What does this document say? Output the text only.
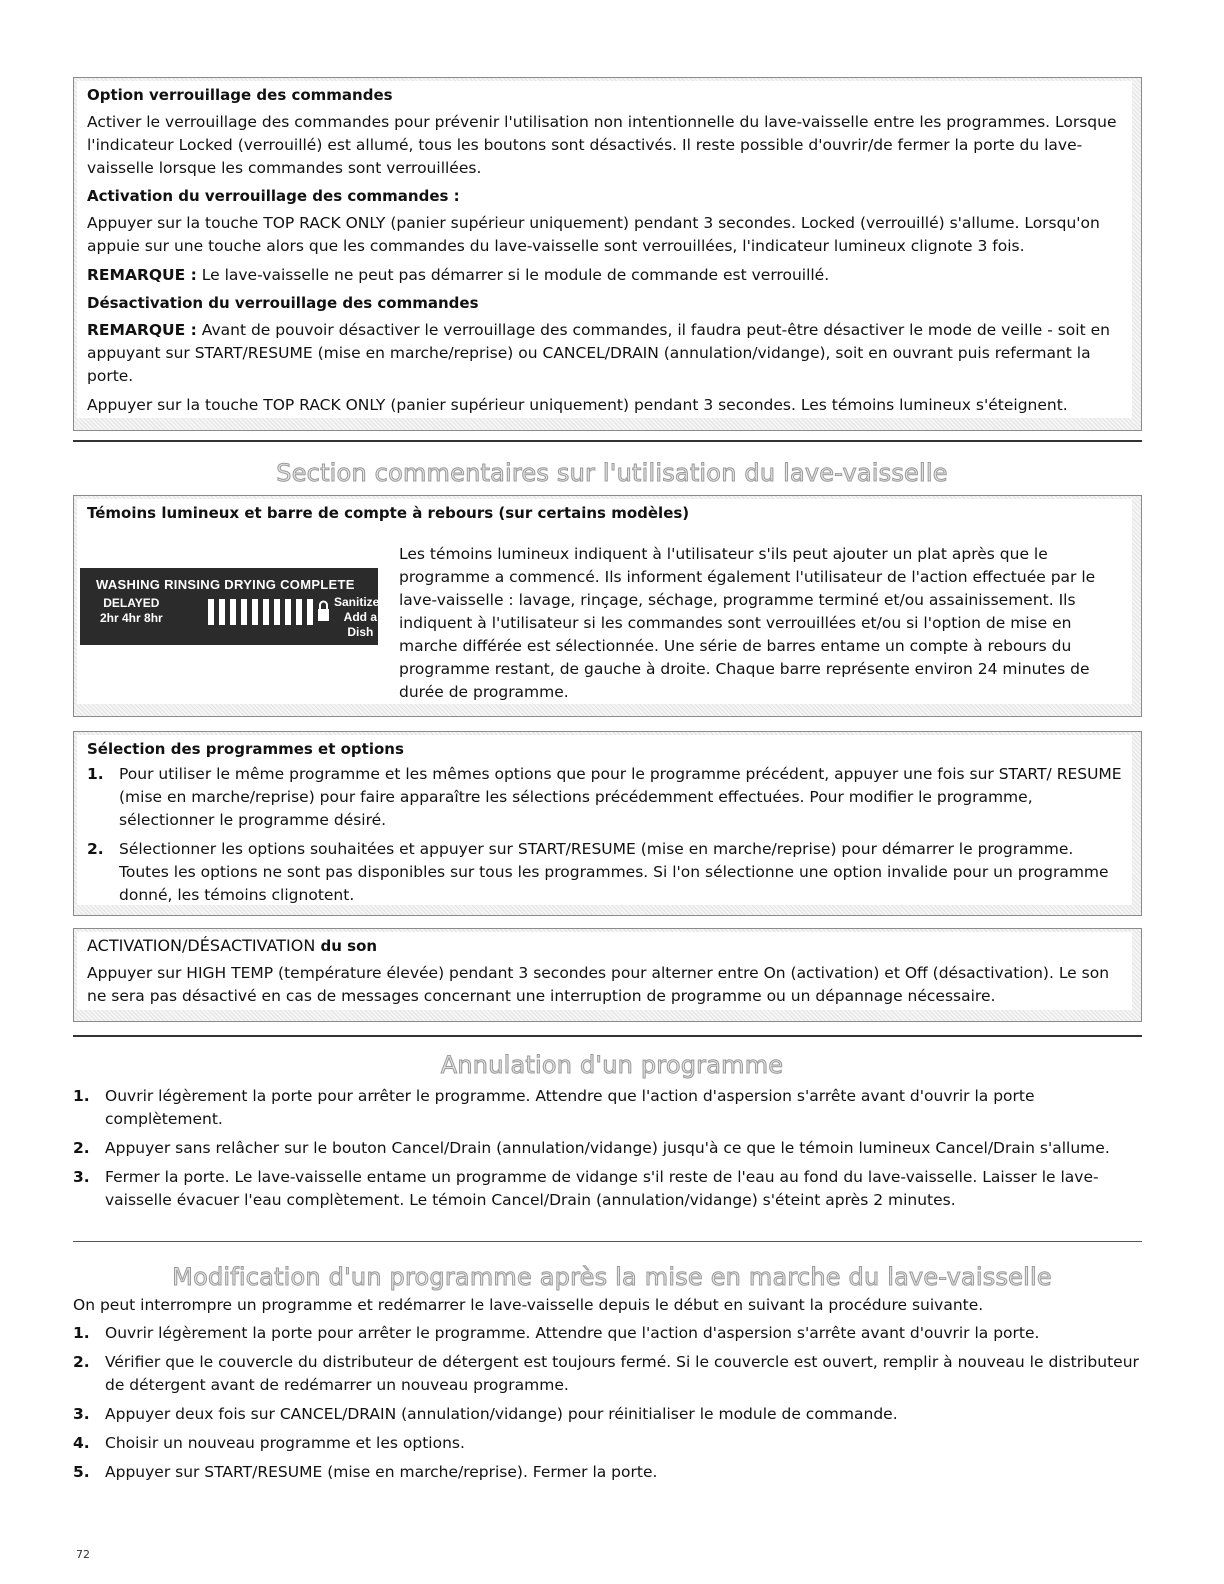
Option verrouillage des commandes

Activer le verrouillage des commandes pour prévenir l'utilisation non intentionnelle du lave-vaisselle entre les programmes. Lorsque l'indicateur Locked (verrouillé) est allumé, tous les boutons sont désactivés. Il reste possible d'ouvrir/de fermer la porte du lave-vaisselle lorsque les commandes sont verrouillées.

Activation du verrouillage des commandes :

Appuyer sur la touche TOP RACK ONLY (panier supérieur uniquement) pendant 3 secondes. Locked (verrouillé) s'allume. Lorsqu'on appuie sur une touche alors que les commandes du lave-vaisselle sont verrouillées, l'indicateur lumineux clignote 3 fois.

REMARQUE : Le lave-vaisselle ne peut pas démarrer si le module de commande est verrouillé.

Désactivation du verrouillage des commandes

REMARQUE : Avant de pouvoir désactiver le verrouillage des commandes, il faudra peut-être désactiver le mode de veille - soit en appuyant sur START/RESUME (mise en marche/reprise) ou CANCEL/DRAIN (annulation/vidange), soit en ouvrant puis refermant la porte.

Appuyer sur la touche TOP RACK ONLY (panier supérieur uniquement) pendant 3 secondes. Les témoins lumineux s'éteignent.

Section commentaires sur l'utilisation du lave-vaisselle
Témoins lumineux et barre de compte à rebours (sur certains modèles)
Les témoins lumineux indiquent à l'utilisateur s'ils peut ajouter un plat après que le programme a commencé. Ils informent également l'utilisateur de l'action effectuée par le lave-vaisselle : lavage, rinçage, séchage, programme terminé et/ou assainissement. Ils indiquent à l'utilisateur si les commandes sont verrouillées et/ou si l'option de mise en marche différée est sélectionnée. Une série de barres entame un compte à rebours du programme restant, de gauche à droite. Chaque barre représente environ 24 minutes de durée de programme.
WASHING RINSING DRYING COMPLETE
DELAYED
2hr 4hr 8hr
Sanitized
Add a Dish
Sélection des programmes et options
1. Pour utiliser le même programme et les mêmes options que pour le programme précédent, appuyer une fois sur START/ RESUME (mise en marche/reprise) pour faire apparaître les sélections précédemment effectuées. Pour modifier le programme, sélectionner le programme désiré.
2. Sélectionner les options souhaitées et appuyer sur START/RESUME (mise en marche/reprise) pour démarrer le programme. Toutes les options ne sont pas disponibles sur tous les programmes. Si l'on sélectionne une option invalide pour un programme donné, les témoins clignotent.
ACTIVATION/DÉSACTIVATION du son

Appuyer sur HIGH TEMP (température élevée) pendant 3 secondes pour alterner entre On (activation) et Off (désactivation). Le son ne sera pas désactivé en cas de messages concernant une interruption de programme ou un dépannage nécessaire.

Annulation d'un programme
1. Ouvrir légèrement la porte pour arrêter le programme. Attendre que l'action d'aspersion s'arrête avant d'ouvrir la porte complètement.
2. Appuyer sans relâcher sur le bouton Cancel/Drain (annulation/vidange) jusqu'à ce que le témoin lumineux Cancel/Drain s'allume.
3. Fermer la porte. Le lave-vaisselle entame un programme de vidange s'il reste de l'eau au fond du lave-vaisselle. Laisser le lave-vaisselle évacuer l'eau complètement. Le témoin Cancel/Drain (annulation/vidange) s'éteint après 2 minutes.
Modification d'un programme après la mise en marche du lave-vaisselle

On peut interrompre un programme et redémarrer le lave-vaisselle depuis le début en suivant la procédure suivante.

1. Ouvrir légèrement la porte pour arrêter le programme. Attendre que l'action d'aspersion s'arrête avant d'ouvrir la porte.
2. Vérifier que le couvercle du distributeur de détergent est toujours fermé. Si le couvercle est ouvert, remplir à nouveau le distributeur de détergent avant de redémarrer un nouveau programme.
3. Appuyer deux fois sur CANCEL/DRAIN (annulation/vidange) pour réinitialiser le module de commande.
4. Choisir un nouveau programme et les options.
5. Appuyer sur START/RESUME (mise en marche/reprise). Fermer la porte.
72
